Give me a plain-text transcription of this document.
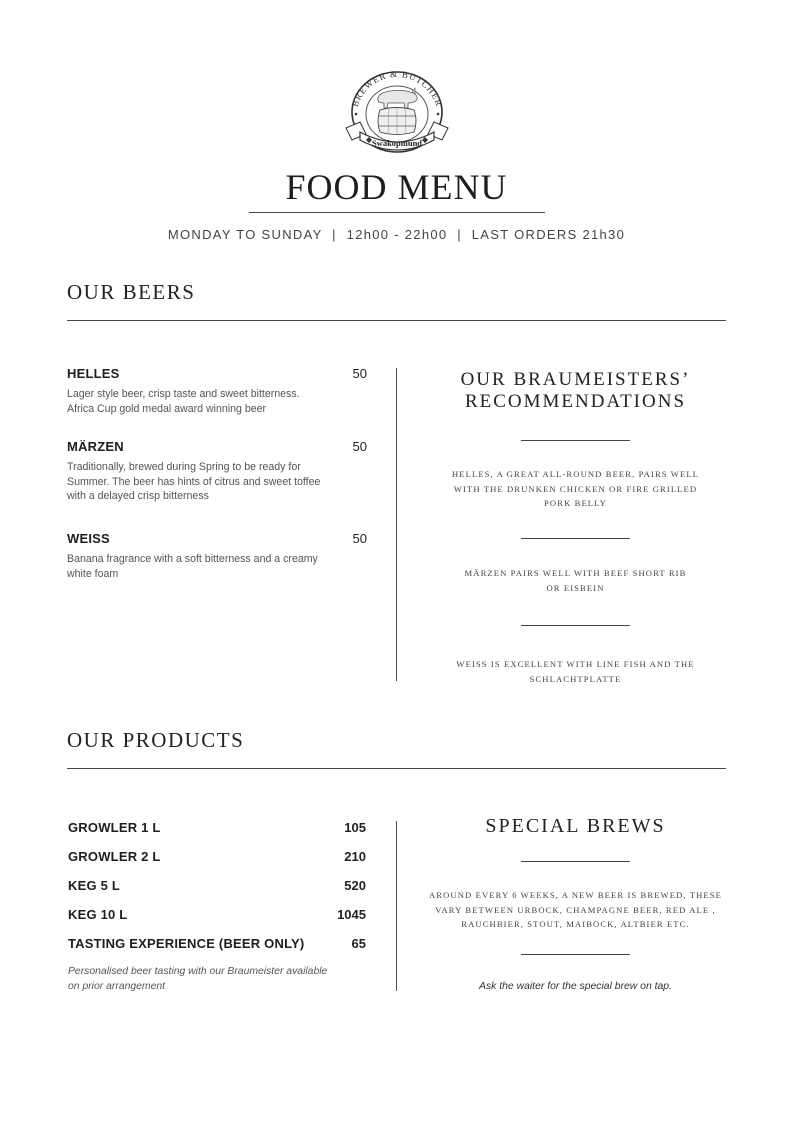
BREWER & BUTCHER
Swakopmund
FOOD MENU
MONDAY TO SUNDAY  |  12h00 - 22h00  |  LAST ORDERS 21h30
OUR BEERS
HELLES	50
Lager style beer, crisp taste and sweet bitterness. Africa Cup gold medal award winning beer
MÄRZEN	50
Traditionally, brewed during Spring to be ready for Summer. The beer has hints of citrus and sweet toffee with a delayed crisp bitterness
WEISS	50
Banana fragrance with a soft bitterness and a creamy white foam
OUR BRAUMEISTERS’
RECOMMENDATIONS
HELLES, A GREAT ALL-ROUND BEER, PAIRS WELL WITH THE DRUNKEN CHICKEN OR FIRE GRILLED PORK BELLY
MÄRZEN PAIRS WELL WITH BEEF SHORT RIB OR EISBEIN
WEISS IS EXCELLENT WITH LINE FISH AND THE SCHLACHTPLATTE
OUR PRODUCTS
GROWLER 1 L	105
GROWLER 2 L	210
KEG 5 L	520
KEG 10 L	1045
TASTING EXPERIENCE (BEER ONLY)	65
Personalised beer tasting with our Braumeister available on prior arrangement
SPECIAL BREWS
AROUND EVERY 6 WEEKS, A NEW BEER IS BREWED, THESE VARY BETWEEN URBOCK, CHAMPAGNE BEER, RED ALE , RAUCHBIER, STOUT, MAIBOCK, ALTBIER ETC.
Ask the waiter for the special brew on tap.
